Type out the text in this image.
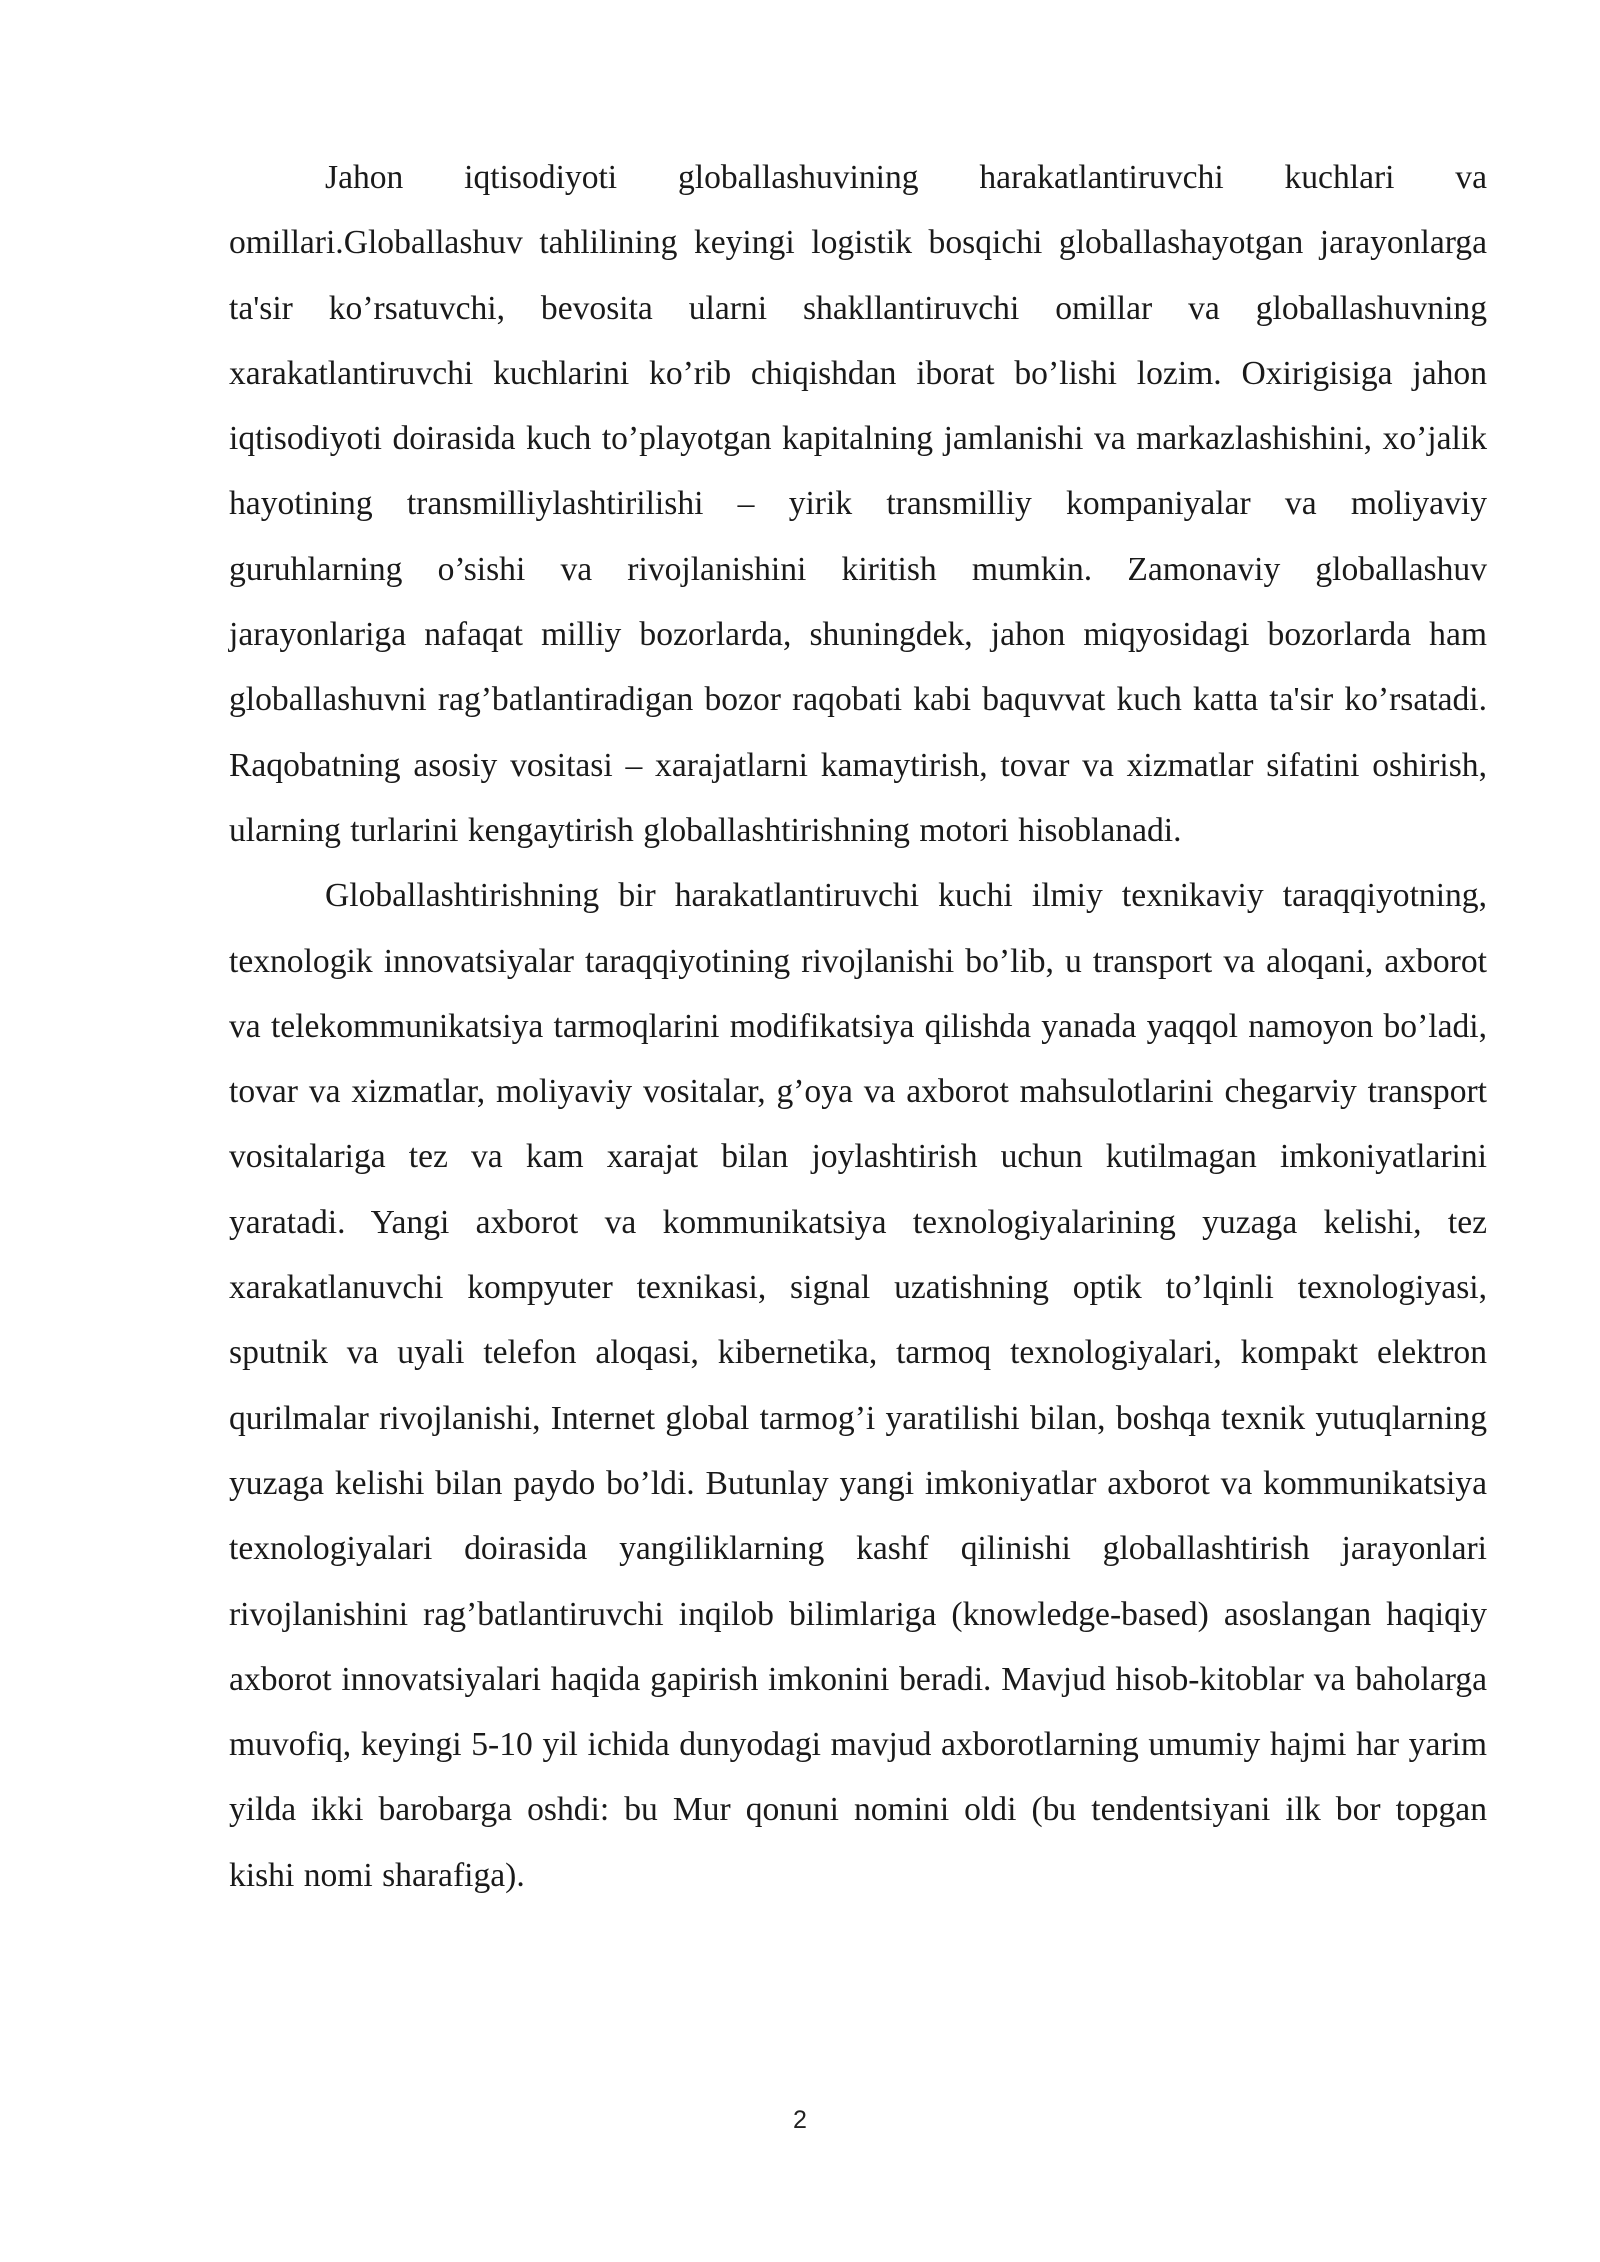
Jahon iqtisodiyoti globallashuvining harakatlantiruvchi kuchlari va omillari.Globallashuv tahlilining keyingi logistik bosqichi globallashayotgan jarayonlarga ta'sir ko’rsatuvchi, bevosita ularni shakllantiruvchi omillar va globallashuvning xarakatlantiruvchi kuchlarini ko’rib chiqishdan iborat bo’lishi lozim. Oxirigisiga jahon iqtisodiyoti doirasida kuch to’playotgan kapitalning jamlanishi va markazlashishini, xo’jalik hayotining transmilliylashtirilishi – yirik transmilliy kompaniyalar va moliyaviy guruhlarning o’sishi va rivojlanishini kiritish mumkin. Zamonaviy globallashuv jarayonlariga nafaqat milliy bozorlarda, shuningdek, jahon miqyosidagi bozorlarda ham globallashuvni rag’batlantiradigan bozor raqobati kabi baquvvat kuch katta ta'sir ko’rsatadi. Raqobatning asosiy vositasi – xarajatlarni kamaytirish, tovar va xizmatlar sifatini oshirish, ularning turlarini kengaytirish globallashtirishning motori hisoblanadi.

Globallashtirishning bir harakatlantiruvchi kuchi ilmiy texnikaviy taraqqiyotning, texnologik innovatsiyalar taraqqiyotining rivojlanishi bo’lib, u transport va aloqani, axborot va telekommunikatsiya tarmoqlarini modifikatsiya qilishda yanada yaqqol namoyon bo’ladi, tovar va xizmatlar, moliyaviy vositalar, g’oya va axborot mahsulotlarini chegarviy transport vositalariga tez va kam xarajat bilan joylashtirish uchun kutilmagan imkoniyatlarini yaratadi. Yangi axborot va kommunikatsiya texnologiyalarining yuzaga kelishi, tez xarakatlanuvchi kompyuter texnikasi, signal uzatishning optik to’lqinli texnologiyasi, sputnik va uyali telefon aloqasi, kibernetika, tarmoq texnologiyalari, kompakt elektron qurilmalar rivojlanishi, Internet global tarmog’i yaratilishi bilan, boshqa texnik yutuqlarning yuzaga kelishi bilan paydo bo’ldi. Butunlay yangi imkoniyatlar axborot va kommunikatsiya texnologiyalari doirasida yangiliklarning kashf qilinishi globallashtirish jarayonlari rivojlanishini rag’batlantiruvchi inqilob bilimlariga (knowledge-based) asoslangan haqiqiy axborot innovatsiyalari haqida gapirish imkonini beradi. Mavjud hisob-kitoblar va baholarga muvofiq, keyingi 5-10 yil ichida dunyodagi mavjud axborotlarning umumiy hajmi har yarim yilda ikki barobarga oshdi: bu Mur qonuni nomini oldi (bu tendentsiyani ilk bor topgan kishi nomi sharafiga).

2
